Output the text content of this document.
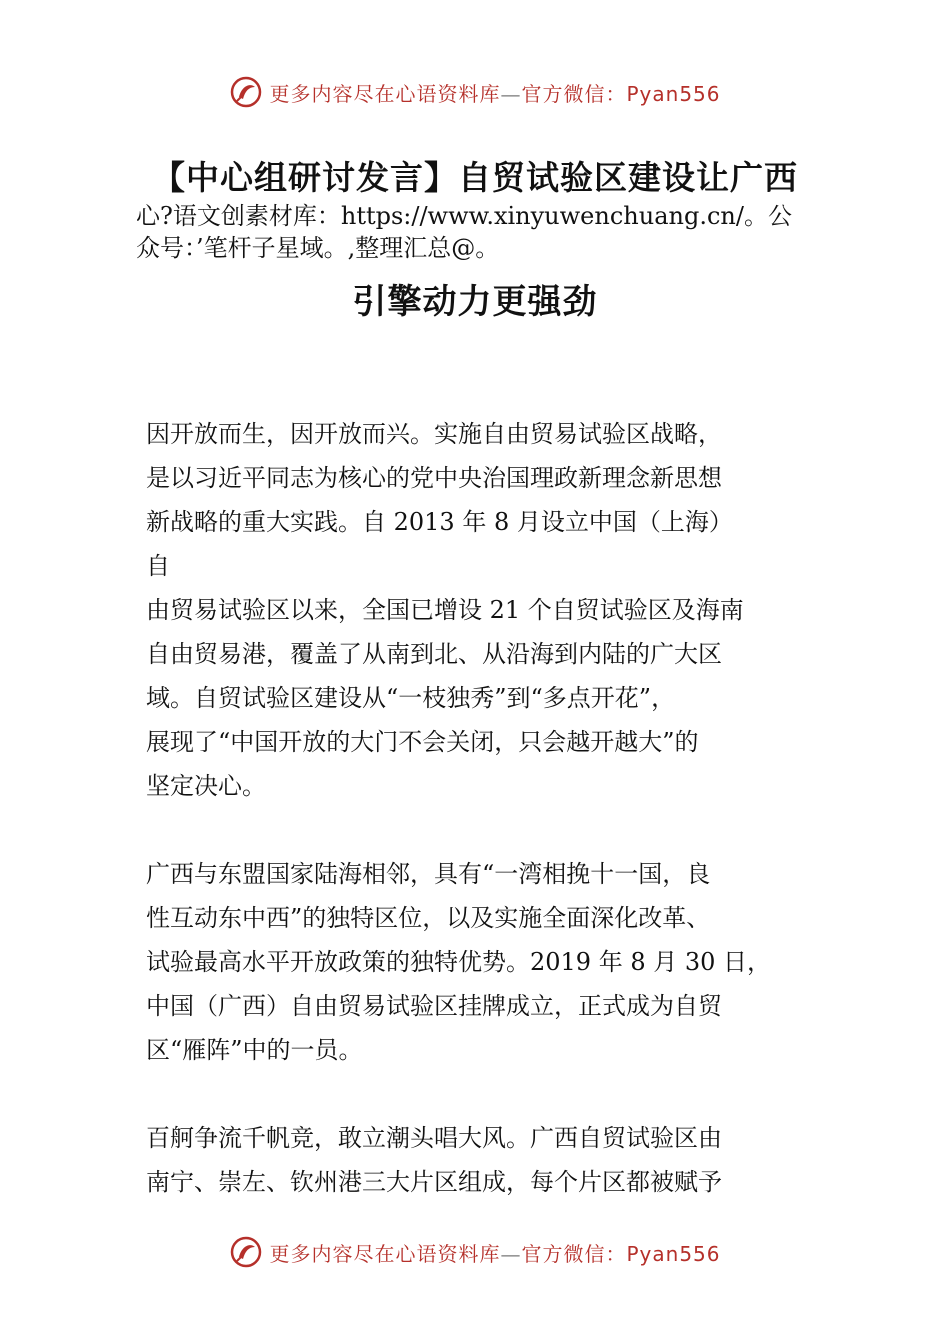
更多内容尽在心语资料库—官方微信：Pyan556
【中心组研讨发言】自贸试验区建设让广西
心?语文创素材库：https://www.xinyuwenchuang.cn/。公
众号：’笔杆子星域。,整理汇总@。
引擎动力更强劲
因开放而生，因开放而兴。实施自由贸易试验区战略，
是以习近平同志为核心的党中央治国理政新理念新思想
新战略的重大实践。自 2013 年 8 月设立中国（上海）
自
由贸易试验区以来，全国已增设 21 个自贸试验区及海南
自由贸易港，覆盖了从南到北、从沿海到内陆的广大区
域。自贸试验区建设从“一枝独秀”到“多点开花”，
展现了“中国开放的大门不会关闭，只会越开越大”的
坚定决心。
广西与东盟国家陆海相邻，具有“一湾相挽十一国，良
性互动东中西”的独特区位，以及实施全面深化改革、
试验最高水平开放政策的独特优势。2019 年 8 月 30 日，
中国（广西）自由贸易试验区挂牌成立，正式成为自贸
区“雁阵”中的一员。
百舸争流千帆竞，敢立潮头唱大风。广西自贸试验区由
南宁、崇左、钦州港三大片区组成，每个片区都被赋予
更多内容尽在心语资料库—官方微信：Pyan556
